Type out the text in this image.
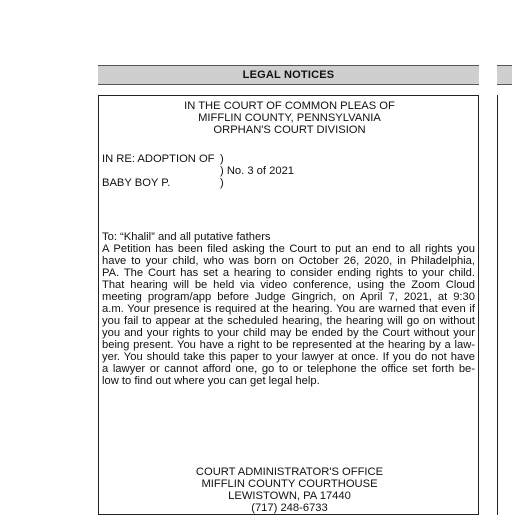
LEGAL NOTICES
IN THE COURT OF COMMON PLEAS OF
MIFFLIN COUNTY, PENNSYLVANIA
ORPHAN'S COURT DIVISION
IN RE: ADOPTION OF )
) No. 3 of 2021
BABY BOY P.	)
To: “Khalil” and all putative fathers
A Petition has been filed asking the Court to put an end to all rights you
have to your child, who was born on October 26, 2020, in Philadelphia,
PA. The Court has set a hearing to consider ending rights to your child.
That hearing will be held via video conference, using the Zoom Cloud
meeting program/app before Judge Gingrich, on April 7, 2021, at 9:30
a.m. Your presence is required at the hearing. You are warned that even if
you fail to appear at the scheduled hearing, the hearing will go on without
you and your rights to your child may be ended by the Court without your
being present. You have a right to be represented at the hearing by a law-
yer. You should take this paper to your lawyer at once. If you do not have
a lawyer or cannot afford one, go to or telephone the office set forth be-
low to find out where you can get legal help.
COURT ADMINISTRATOR'S OFFICE
MIFFLIN COUNTY COURTHOUSE
LEWISTOWN, PA 17440
(717) 248-6733
